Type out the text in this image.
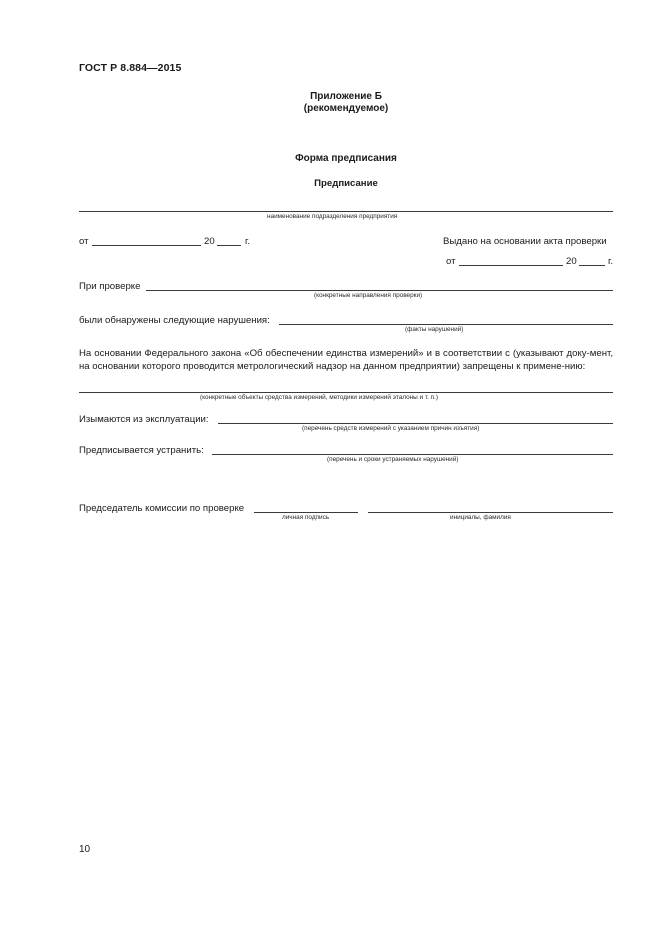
ГОСТ Р 8.884—2015
Приложение Б
(рекомендуемое)
Форма предписания
Предписание
наименование подразделения предприятия
от	20	г.	Выдано на основании акта проверки
от	20	г.
При проверке
(конкретные направления проверки)
были обнаружены следующие нарушения:
(факты нарушений)
На основании Федерального закона «Об обеспечении единства измерений» и в соответствии с (указывают доку-мент, на основании которого проводится метрологический надзор на данном предприятии) запрещены к примене-нию:
(конкретные объекты средства измерений, методики измерений эталоны и т. п.)
Изымаются из эксплуатации:
(перечень средств измерений с указанием причин изъятия)
Предписывается устранить:
(перечень и сроки устраняемых нарушений)
Председатель комиссии по проверке
личная подпись	инициалы, фамилия
10
